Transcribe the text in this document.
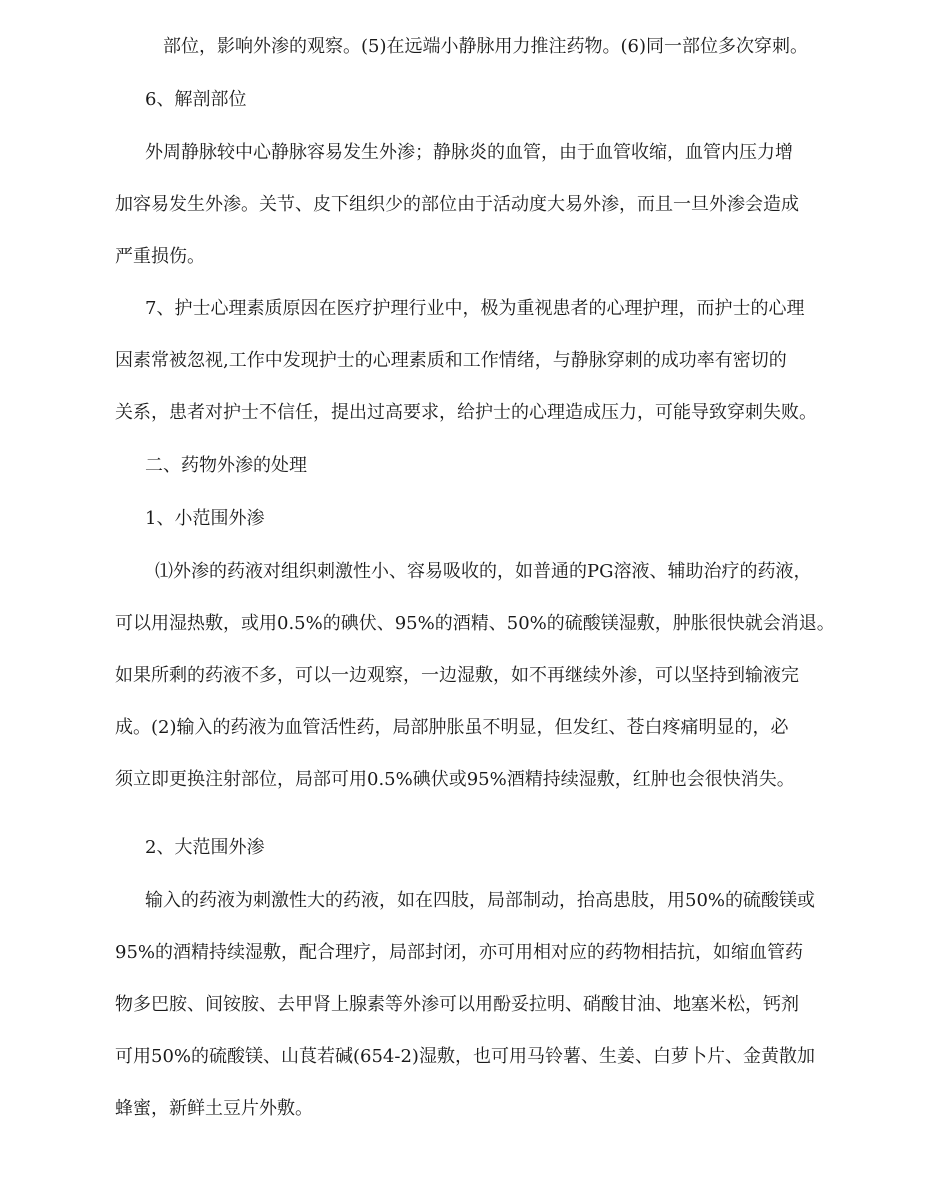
部位，影响外渗的观察。(5)在远端小静脉用力推注药物。(6)同一部位多次穿刺。

6、解剖部位

外周静脉较中心静脉容易发生外渗；静脉炎的血管，由于血管收缩，血管内压力增

加容易发生外渗。关节、皮下组织少的部位由于活动度大易外渗，而且一旦外渗会造成

严重损伤。

7、护士心理素质原因在医疗护理行业中，极为重视患者的心理护理，而护士的心理

因素常被忽视,工作中发现护士的心理素质和工作情绪，与静脉穿刺的成功率有密切的

关系，患者对护士不信任，提出过高要求，给护士的心理造成压力，可能导致穿刺失败。

二、药物外渗的处理

1、小范围外渗

⑴外渗的药液对组织刺激性小、容易吸收的，如普通的PG溶液、辅助治疗的药液，

可以用湿热敷，或用0.5%的碘伏、95%的酒精、50%的硫酸镁湿敷，肿胀很快就会消退。

如果所剩的药液不多，可以一边观察，一边湿敷，如不再继续外渗，可以坚持到输液完

成。(2)输入的药液为血管活性药，局部肿胀虽不明显，但发红、苍白疼痛明显的，必

须立即更换注射部位，局部可用0.5%碘伏或95%酒精持续湿敷，红肿也会很快消失。

2、大范围外渗

输入的药液为刺激性大的药液，如在四肢，局部制动，抬高患肢，用50%的硫酸镁或

95%的酒精持续湿敷，配合理疗，局部封闭，亦可用相对应的药物相拮抗，如缩血管药

物多巴胺、间铵胺、去甲肾上腺素等外渗可以用酚妥拉明、硝酸甘油、地塞米松，钙剂

可用50%的硫酸镁、山茛若碱(654-2)湿敷，也可用马铃薯、生姜、白萝卜片、金黄散加

蜂蜜，新鲜土豆片外敷。
